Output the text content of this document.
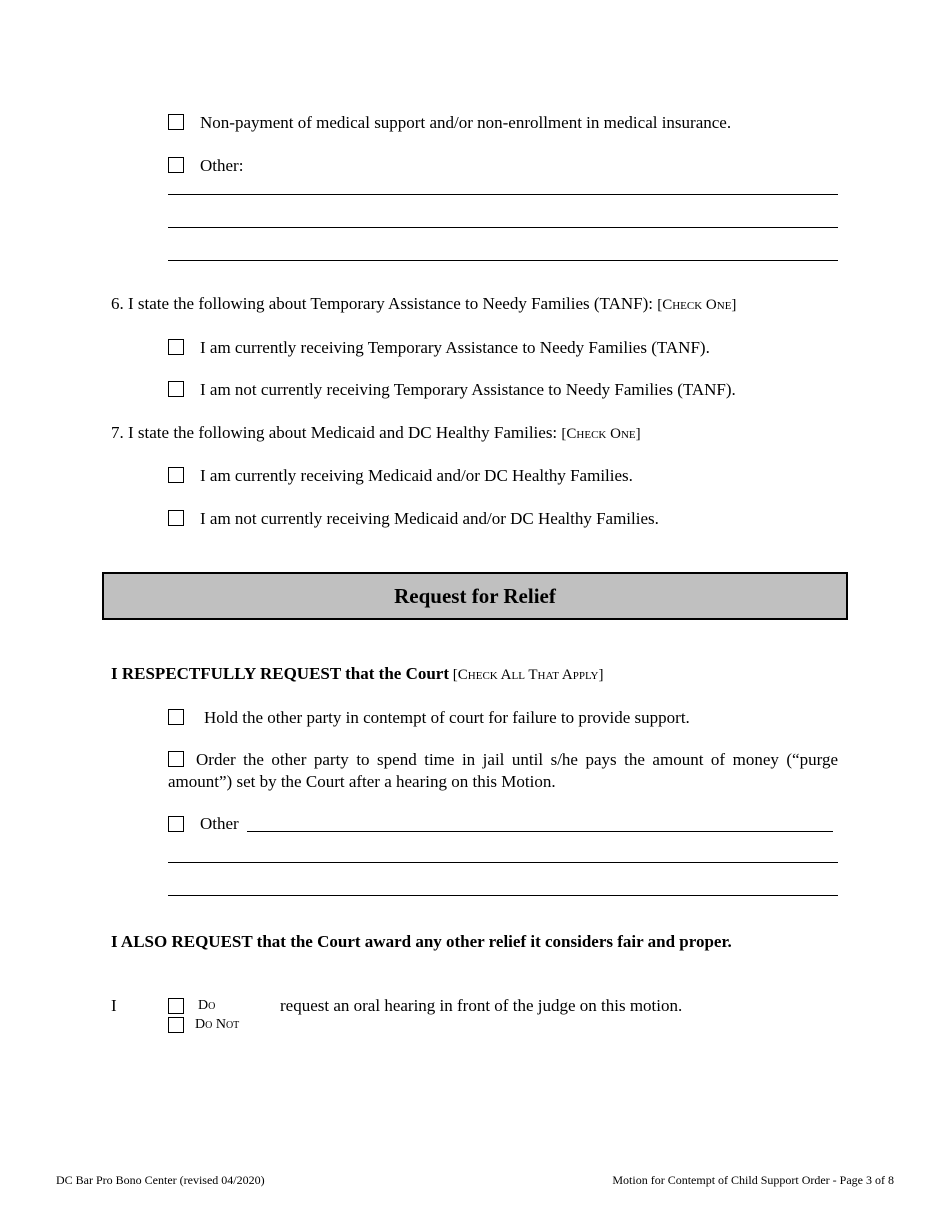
Non-payment of medical support and/or non-enrollment in medical insurance.
Other:
6. I state the following about Temporary Assistance to Needy Families (TANF): [Check One]
I am currently receiving Temporary Assistance to Needy Families (TANF).
I am not currently receiving Temporary Assistance to Needy Families (TANF).
7. I state the following about Medicaid and DC Healthy Families: [Check One]
I am currently receiving Medicaid and/or DC Healthy Families.
I am not currently receiving Medicaid and/or DC Healthy Families.
Request for Relief
I RESPECTFULLY REQUEST that the Court [Check All That Apply]
Hold the other party in contempt of court for failure to provide support.
Order the other party to spend time in jail until s/he pays the amount of money (“purge amount”) set by the Court after a hearing on this Motion.
Other
I ALSO REQUEST that the Court award any other relief it considers fair and proper.
I	Do
Do Not
request an oral hearing in front of the judge on this motion.
DC Bar Pro Bono Center (revised 04/2020)	Motion for Contempt of Child Support Order - Page 3 of 8
